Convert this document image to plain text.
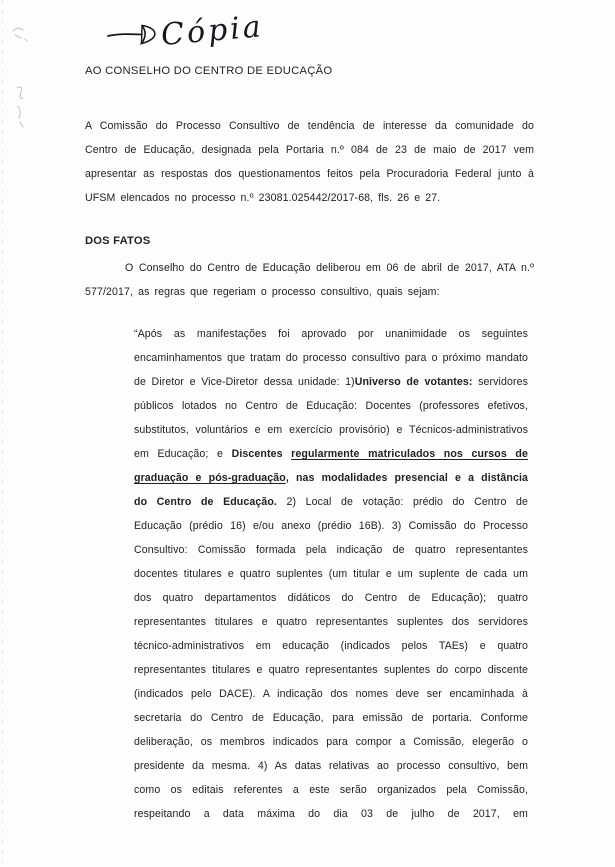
Cópia
AO CONSELHO DO CENTRO DE EDUCAÇÃO

A Comissão do Processo Consultivo de tendência de interesse da comunidade do Centro de Educação, designada pela Portaria n.º 084 de 23 de maio de 2017 vem apresentar as respostas dos questionamentos feitos pela Procuradoria Federal junto à UFSM elencados no processo n.º 23081.025442/2017-68, fls. 26 e 27.

DOS FATOS

O Conselho do Centro de Educação deliberou em 06 de abril de 2017, ATA n.º 577/2017, as regras que regeriam o processo consultivo, quais sejam:

“Após as manifestações foi aprovado por unanimidade os seguintes encaminhamentos que tratam do processo consultivo para o próximo mandato de Diretor e Vice-Diretor dessa unidade: 1)Universo de votantes: servidores públicos lotados no Centro de Educação: Docentes (professores efetivos, substitutos, voluntários e em exercício provisório) e Técnicos-administrativos em Educação; e Discentes regularmente matriculados nos cursos de graduação e pós-graduação, nas modalidades presencial e a distância do Centro de Educação. 2) Local de votação: prédio do Centro de Educação (prédio 16) e/ou anexo (prédio 16B). 3) Comissão do Processo Consultivo: Comissão formada pela indicação de quatro representantes docentes titulares e quatro suplentes (um titular e um suplente de cada um dos quatro departamentos didáticos do Centro de Educação); quatro representantes titulares e quatro representantes suplentes dos servidores técnico-administrativos em educação (indicados pelos TAEs) e quatro representantes titulares e quatro representantes suplentes do corpo discente (indicados pelo DACE). A indicação dos nomes deve ser encaminhada à secretaria do Centro de Educação, para emissão de portaria. Conforme deliberação, os membros indicados para compor a Comissão, elegerão o presidente da mesma. 4) As datas relativas ao processo consultivo, bem como os editais referentes a este serão organizados pela Comissão, respeitando a data máxima do dia 03 de julho de 2017, em
